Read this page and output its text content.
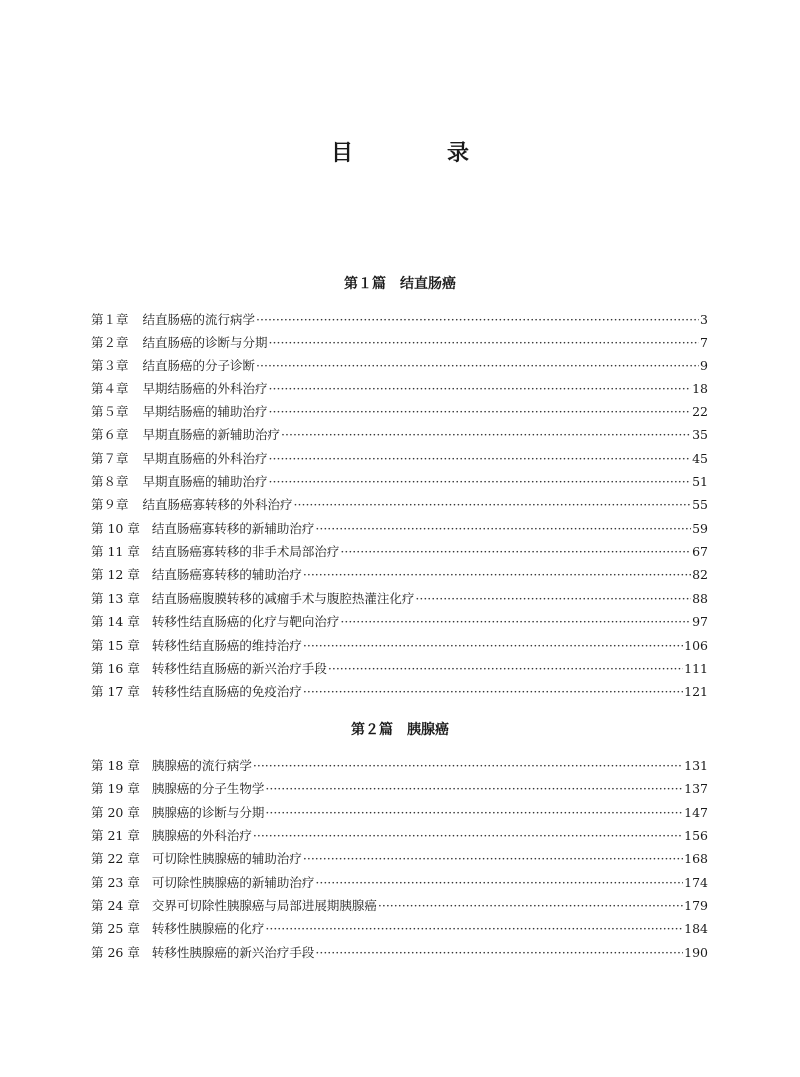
目　录
第１篇 结直肠癌
第１章 结直肠癌的流行病学 ·····	3
第２章 结直肠癌的诊断与分期 ·····	7
第３章 结直肠癌的分子诊断 ·····	9
第４章 早期结肠癌的外科治疗 ·····	18
第５章 早期结肠癌的辅助治疗 ·····	22
第６章 早期直肠癌的新辅助治疗 ·····	35
第７章 早期直肠癌的外科治疗 ·····	45
第８章 早期直肠癌的辅助治疗 ·····	51
第９章 结直肠癌寡转移的外科治疗 ·····	55
第 10 章 结直肠癌寡转移的新辅助治疗 ·····	59
第 11 章 结直肠癌寡转移的非手术局部治疗 ·····	67
第 12 章 结直肠癌寡转移的辅助治疗 ·····	82
第 13 章 结直肠癌腹膜转移的减瘤手术与腹腔热灌注化疗 ·····	88
第 14 章 转移性结直肠癌的化疗与靶向治疗 ·····	97
第 15 章 转移性结直肠癌的维持治疗 ·····	106
第 16 章 转移性结直肠癌的新兴治疗手段 ·····	111
第 17 章 转移性结直肠癌的免疫治疗 ·····	121
第２篇 胰腺癌
第 18 章 胰腺癌的流行病学 ·····	131
第 19 章 胰腺癌的分子生物学 ·····	137
第 20 章 胰腺癌的诊断与分期 ·····	147
第 21 章 胰腺癌的外科治疗 ·····	156
第 22 章 可切除性胰腺癌的辅助治疗 ·····	168
第 23 章 可切除性胰腺癌的新辅助治疗 ·····	174
第 24 章 交界可切除性胰腺癌与局部进展期胰腺癌 ·····	179
第 25 章 转移性胰腺癌的化疗 ·····	184
第 26 章 转移性胰腺癌的新兴治疗手段 ·····	190
